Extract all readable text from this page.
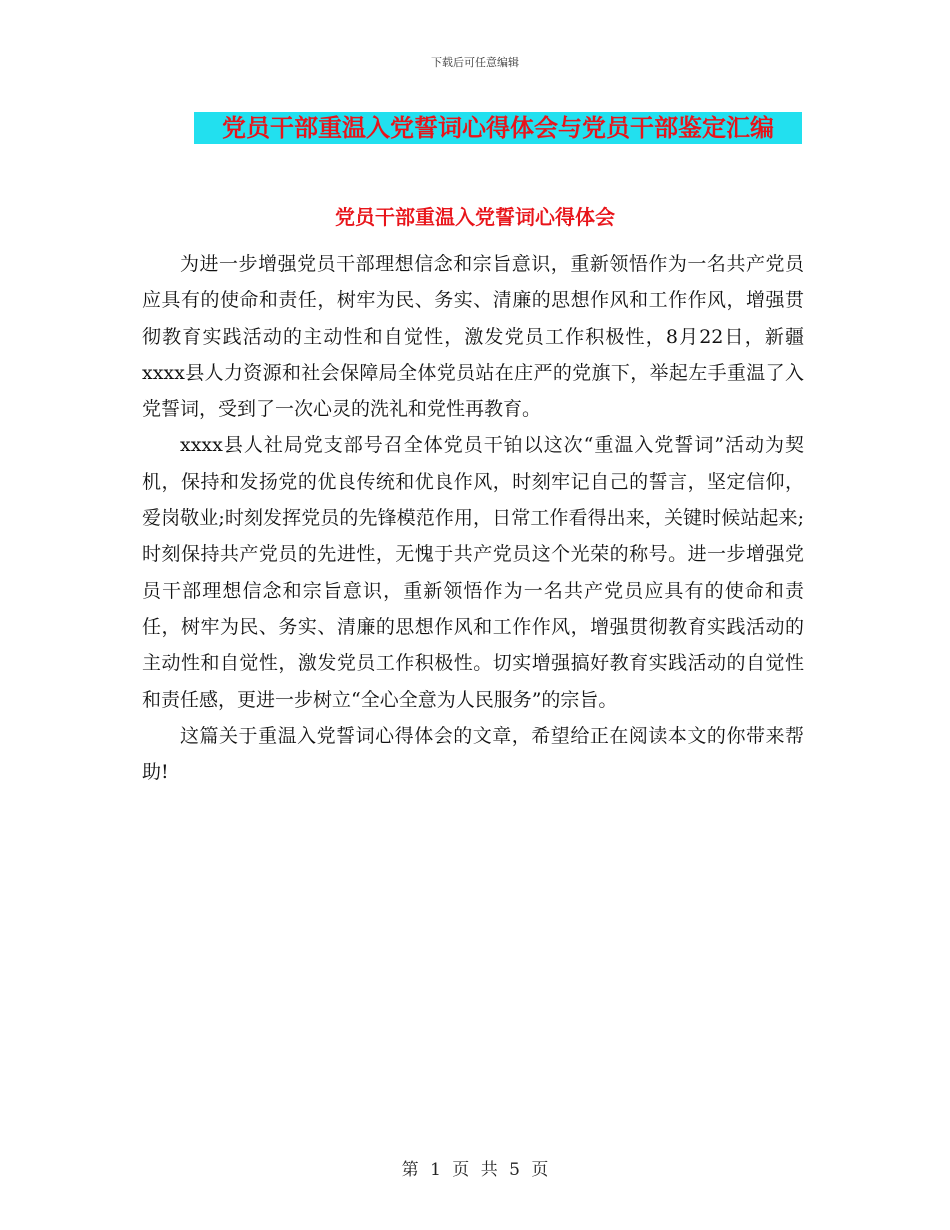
下载后可任意编辑
党员干部重温入党誓词心得体会与党员干部鉴定汇编
党员干部重温入党誓词心得体会

为进一步增强党员干部理想信念和宗旨意识，重新领悟作为一名共产党员应具有的使命和责任，树牢为民、务实、清廉的思想作风和工作作风，增强贯彻教育实践活动的主动性和自觉性，激发党员工作积极性，8月22日，新疆xxxx县人力资源和社会保障局全体党员站在庄严的党旗下，举起左手重温了入党誓词，受到了一次心灵的洗礼和党性再教育。

xxxx县人社局党支部号召全体党员干铂以这次“重温入党誓词”活动为契机，保持和发扬党的优良传统和优良作风，时刻牢记自己的誓言，坚定信仰，爱岗敬业;时刻发挥党员的先锋模范作用，日常工作看得出来，关键时候站起来;时刻保持共产党员的先进性，无愧于共产党员这个光荣的称号。进一步增强党员干部理想信念和宗旨意识，重新领悟作为一名共产党员应具有的使命和责任，树牢为民、务实、清廉的思想作风和工作作风，增强贯彻教育实践活动的主动性和自觉性，激发党员工作积极性。切实增强搞好教育实践活动的自觉性和责任感，更进一步树立“全心全意为人民服务”的宗旨。

这篇关于重温入党誓词心得体会的文章，希望给正在阅读本文的你带来帮助!

第 1 页 共 5 页
